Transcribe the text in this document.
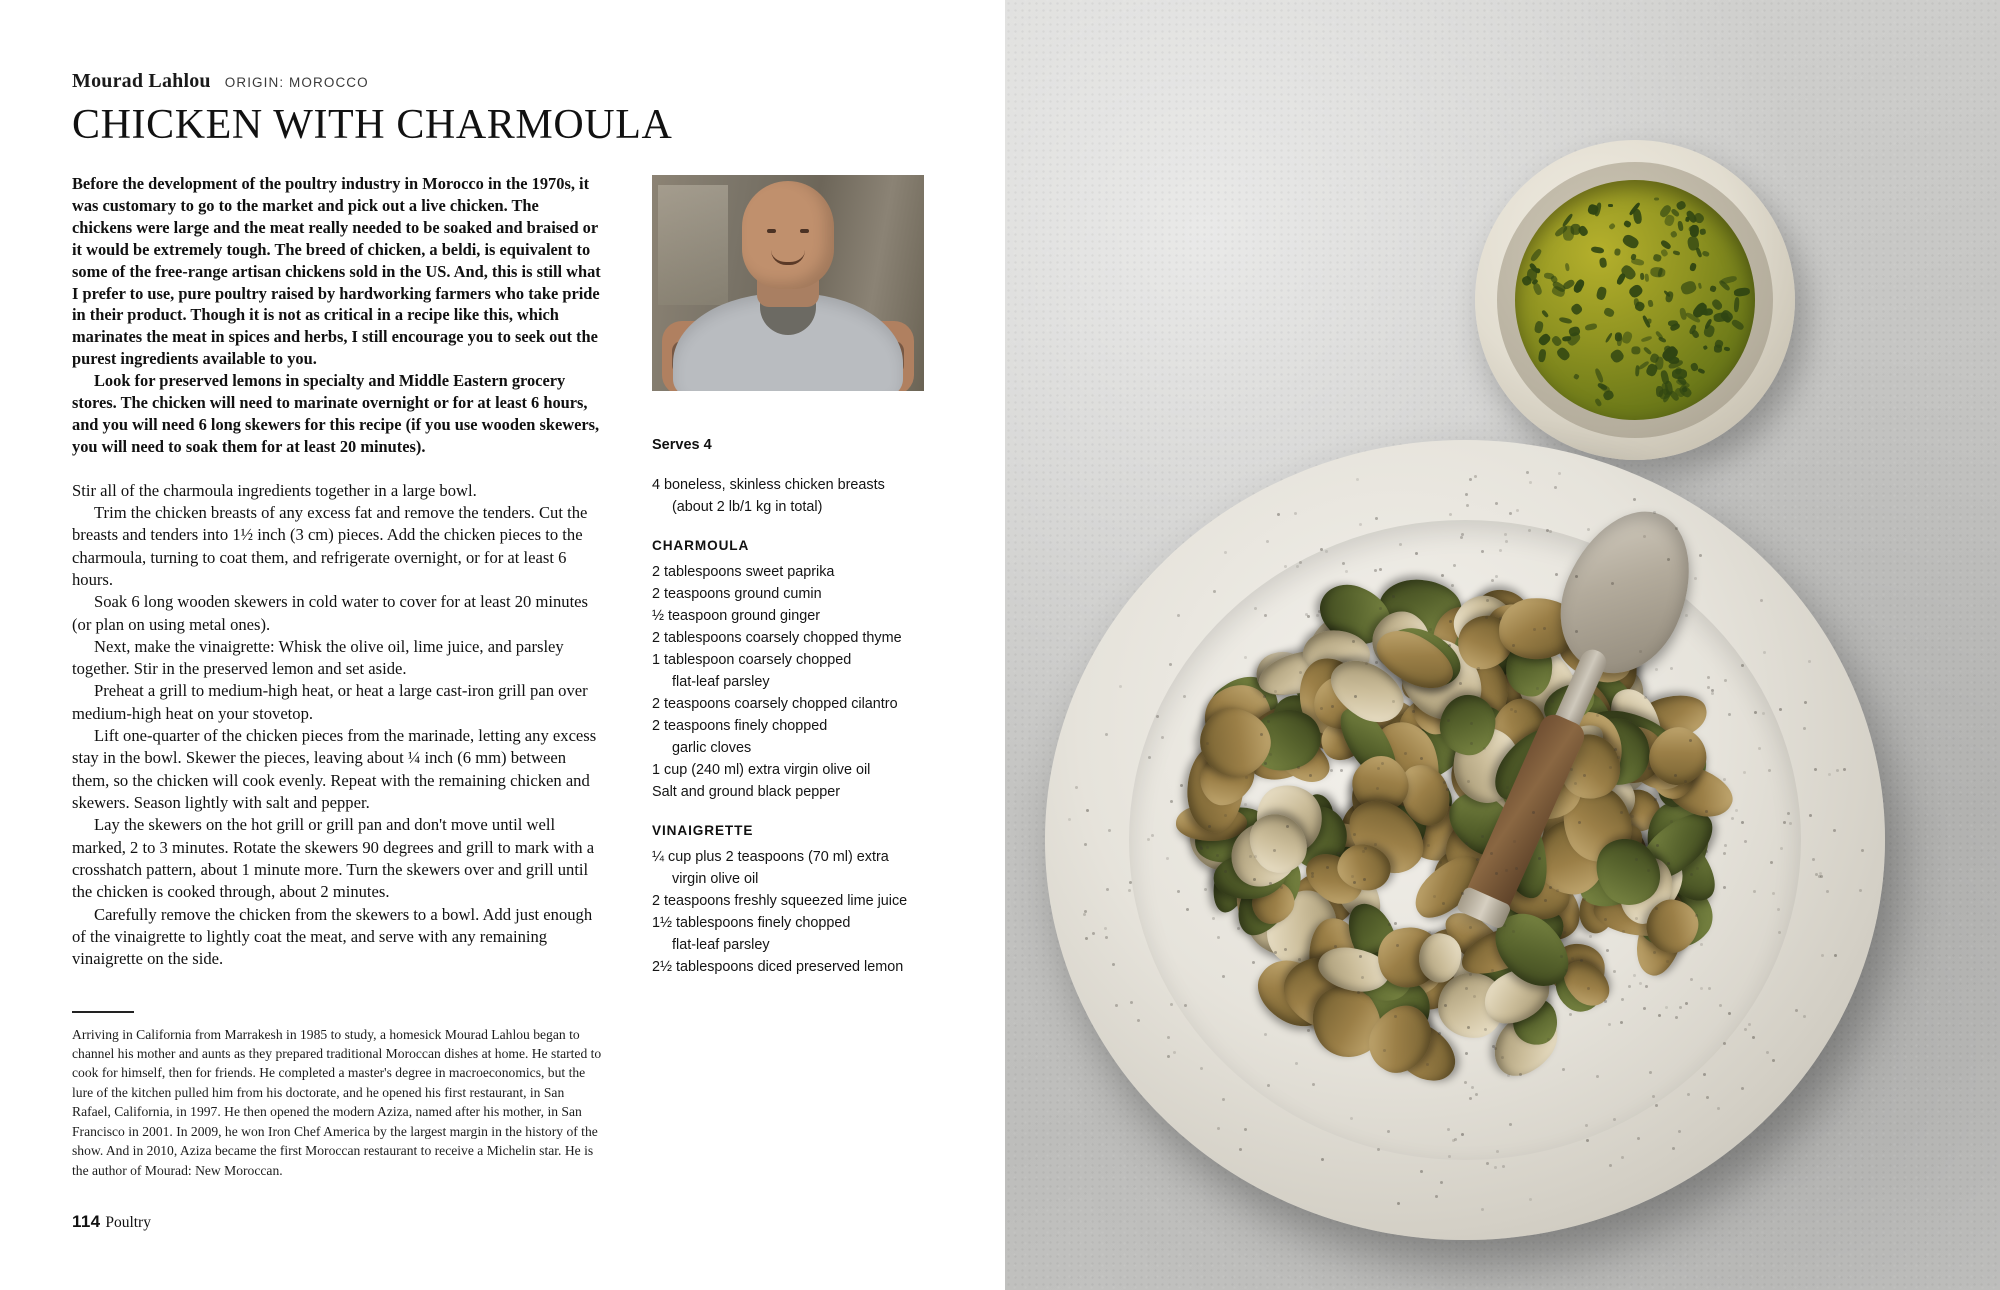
Mourad Lahlou ORIGIN: MOROCCO
CHICKEN WITH CHARMOULA

Before the development of the poultry industry in Morocco in the 1970s, it was customary to go to the market and pick out a live chicken. The chickens were large and the meat really needed to be soaked and braised or it would be extremely tough. The breed of chicken, a beldi, is equivalent to some of the free-range artisan chickens sold in the US. And, this is still what I prefer to use, pure poultry raised by hardworking farmers who take pride in their product. Though it is not as critical in a recipe like this, which marinates the meat in spices and herbs, I still encourage you to seek out the purest ingredients available to you.

Look for preserved lemons in specialty and Middle Eastern grocery stores. The chicken will need to marinate overnight or for at least 6 hours, and you will need 6 long skewers for this recipe (if you use wooden skewers, you will need to soak them for at least 20 minutes).

Stir all of the charmoula ingredients together in a large bowl.

Trim the chicken breasts of any excess fat and remove the tenders. Cut the breasts and tenders into 1½ inch (3 cm) pieces. Add the chicken pieces to the charmoula, turning to coat them, and refrigerate overnight, or for at least 6 hours.

Soak 6 long wooden skewers in cold water to cover for at least 20 minutes (or plan on using metal ones).

Next, make the vinaigrette: Whisk the olive oil, lime juice, and parsley together. Stir in the preserved lemon and set aside.

Preheat a grill to medium-high heat, or heat a large cast-iron grill pan over medium-high heat on your stovetop.

Lift one-quarter of the chicken pieces from the marinade, letting any excess stay in the bowl. Skewer the pieces, leaving about ¼ inch (6 mm) between them, so the chicken will cook evenly. Repeat with the remaining chicken and skewers. Season lightly with salt and pepper.

Lay the skewers on the hot grill or grill pan and don't move until well marked, 2 to 3 minutes. Rotate the skewers 90 degrees and grill to mark with a crosshatch pattern, about 1 minute more. Turn the skewers over and grill until the chicken is cooked through, about 2 minutes.

Carefully remove the chicken from the skewers to a bowl. Add just enough of the vinaigrette to lightly coat the meat, and serve with any remaining vinaigrette on the side.

Arriving in California from Marrakesh in 1985 to study, a homesick Mourad Lahlou began to channel his mother and aunts as they prepared traditional Moroccan dishes at home. He started to cook for himself, then for friends. He completed a master's degree in macroeconomics, but the lure of the kitchen pulled him from his doctorate, and he opened his first restaurant, in San Rafael, California, in 1997. He then opened the modern Aziza, named after his mother, in San Francisco in 2001. In 2009, he won Iron Chef America by the largest margin in the history of the show. And in 2010, Aziza became the first Moroccan restaurant to receive a Michelin star. He is the author of Mourad: New Moroccan.

Serves 4
4 boneless, skinless chicken breasts
(about 2 lb/1 kg in total)
CHARMOULA
2 tablespoons sweet paprika
2 teaspoons ground cumin
½ teaspoon ground ginger
2 tablespoons coarsely chopped thyme
1 tablespoon coarsely chopped
flat-leaf parsley
2 teaspoons coarsely chopped cilantro
2 teaspoons finely chopped
garlic cloves
1 cup (240 ml) extra virgin olive oil
Salt and ground black pepper
VINAIGRETTE
¼ cup plus 2 teaspoons (70 ml) extra
virgin olive oil
2 teaspoons freshly squeezed lime juice
1½ tablespoons finely chopped
flat-leaf parsley
2½ tablespoons diced preserved lemon
114 Poultry
